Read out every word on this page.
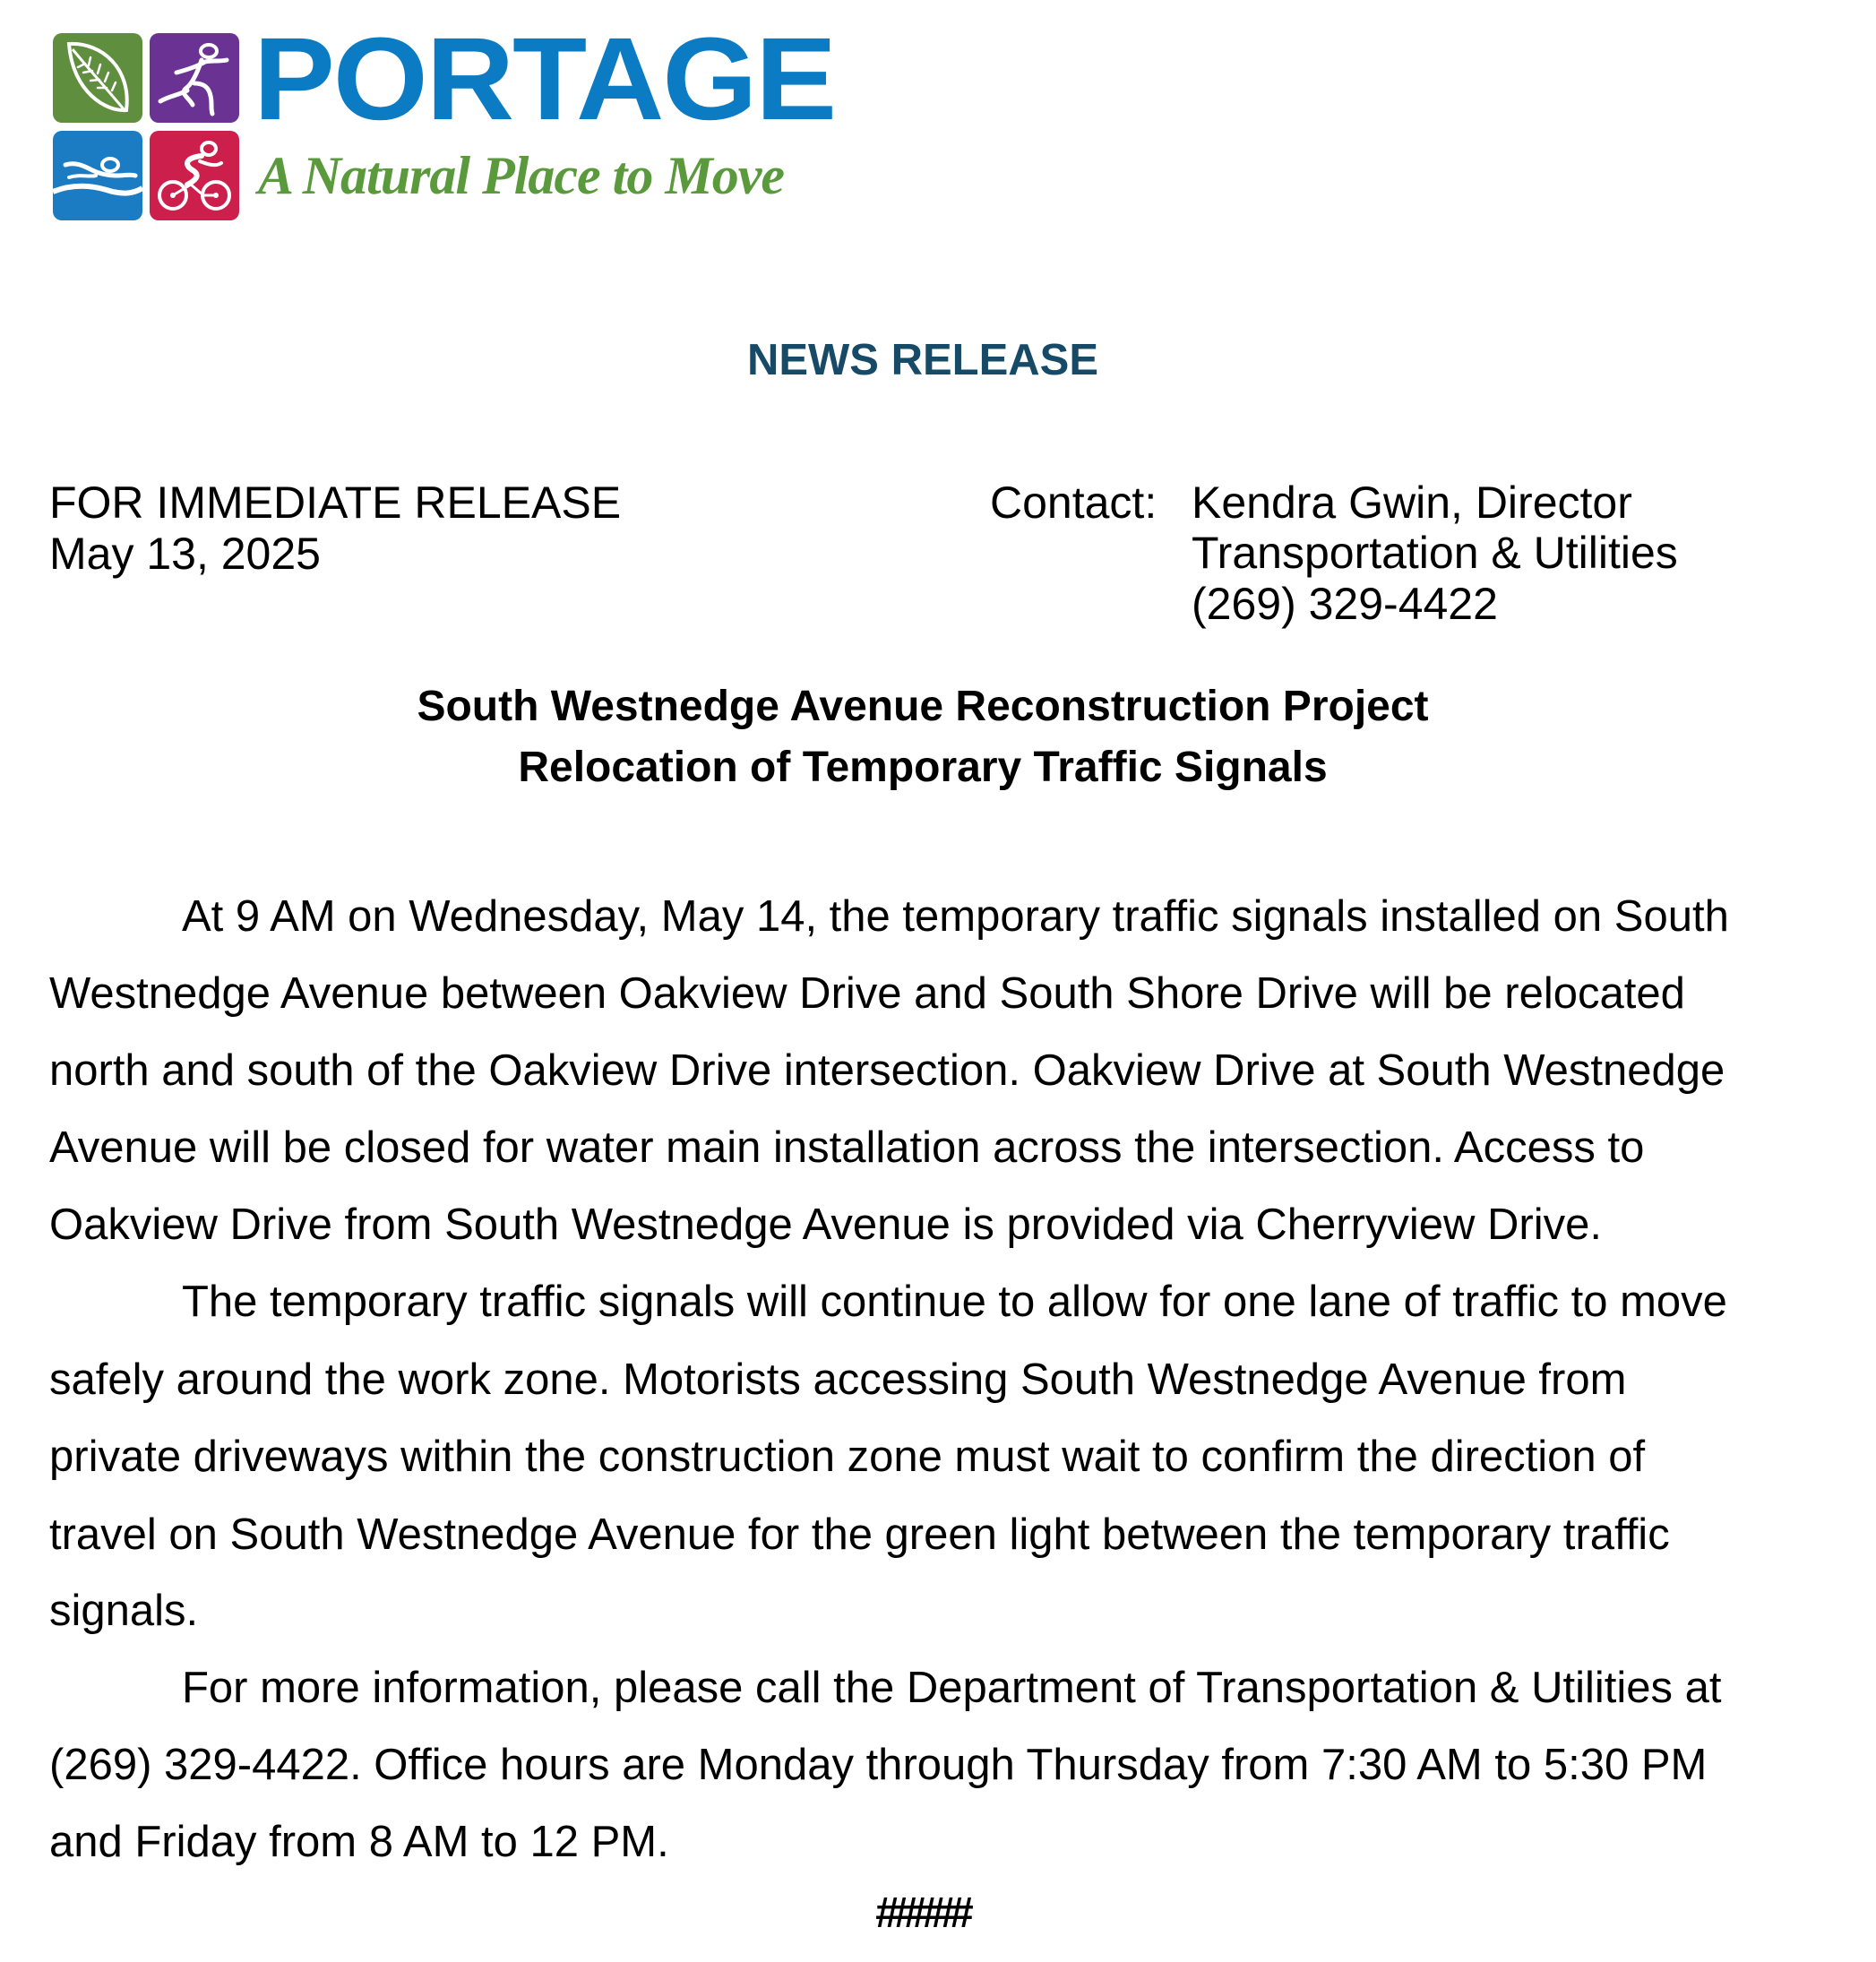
PORTAGE
A Natural Place to Move
NEWS RELEASE
FOR IMMEDIATE RELEASE
May 13, 2025
Contact: Kendra Gwin, Director
Transportation & Utilities
(269) 329-4422
South Westnedge Avenue Reconstruction Project
Relocation of Temporary Traffic Signals
At 9 AM on Wednesday, May 14, the temporary traffic signals installed on South
Westnedge Avenue between Oakview Drive and South Shore Drive will be relocated
north and south of the Oakview Drive intersection. Oakview Drive at South Westnedge
Avenue will be closed for water main installation across the intersection. Access to
Oakview Drive from South Westnedge Avenue is provided via Cherryview Drive.
The temporary traffic signals will continue to allow for one lane of traffic to move
safely around the work zone. Motorists accessing South Westnedge Avenue from
private driveways within the construction zone must wait to confirm the direction of
travel on South Westnedge Avenue for the green light between the temporary traffic
signals.
For more information, please call the Department of Transportation & Utilities at
(269) 329-4422. Office hours are Monday through Thursday from 7:30 AM to 5:30 PM
and Friday from 8 AM to 12 PM.
#####
